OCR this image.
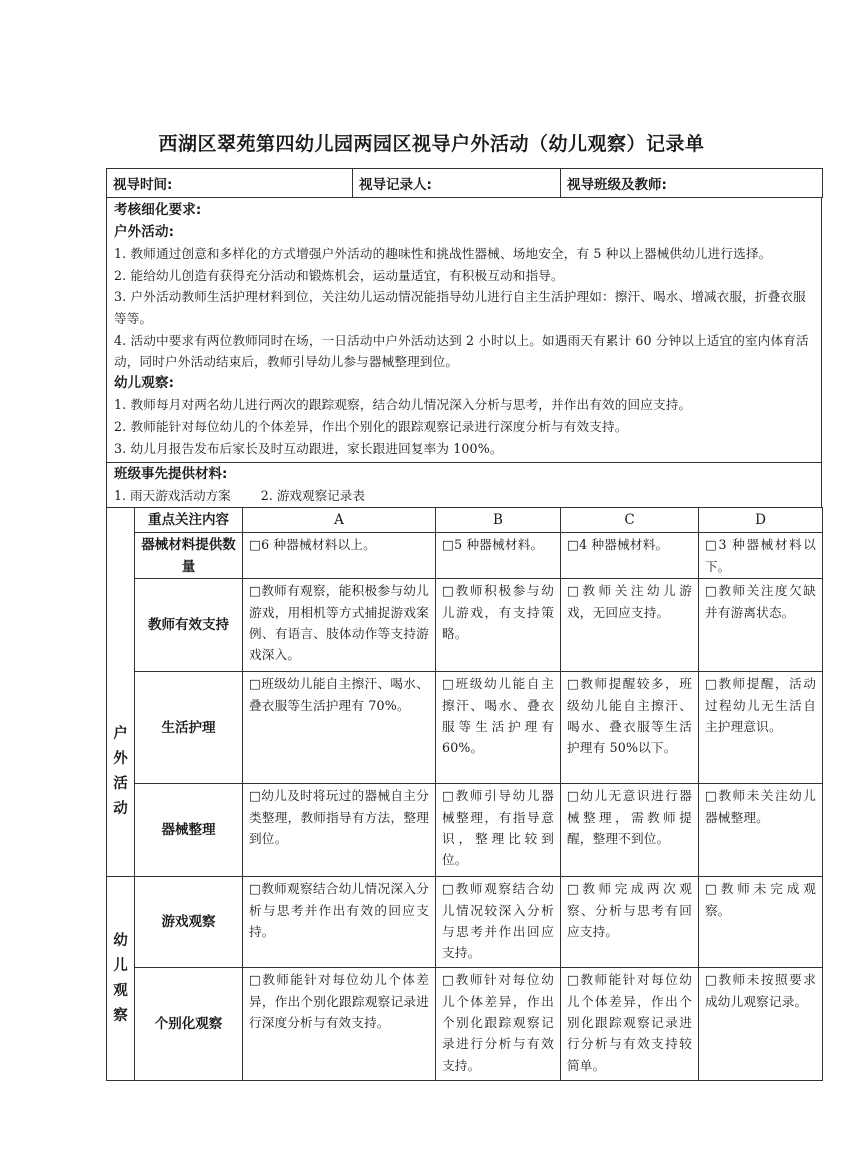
西湖区翠苑第四幼儿园两园区视导户外活动（幼儿观察）记录单
视导时间:	视导记录人:	视导班级及教师:
考核细化要求:
户外活动:
1. 教师通过创意和多样化的方式增强户外活动的趣味性和挑战性器械、场地安全，有 5 种以上器械供幼儿进行选择。
2. 能给幼儿创造有获得充分活动和锻炼机会，运动量适宜，有积极互动和指导。
3. 户外活动教师生活护理材料到位，关注幼儿运动情况能指导幼儿进行自主生活护理如：擦汗、喝水、增减衣服，折叠衣服等等。
4. 活动中要求有两位教师同时在场，一日活动中户外活动达到 2 小时以上。如遇雨天有累计 60 分钟以上适宜的室内体育活动，同时户外活动结束后，教师引导幼儿参与器械整理到位。
幼儿观察:
1. 教师每月对两名幼儿进行两次的跟踪观察，结合幼儿情况深入分析与思考，并作出有效的回应支持。
2. 教师能针对每位幼儿的个体差异，作出个别化的跟踪观察记录进行深度分析与有效支持。
3. 幼儿月报告发布后家长及时互动跟进，家长跟进回复率为 100%。

班级事先提供材料:
1. 雨天游戏活动方案 2. 游戏观察记录表
户
外
活
动	重点关注内容	A	B	C	D
	器械材料提供数量	□6 种器械材料以上。	□5 种器械材料。	□4 种器械材料。	□3 种器械材料以下。
	教师有效支持	□教师有观察，能积极参与幼儿游戏，用相机等方式捕捉游戏案例、有语言、肢体动作等支持游戏深入。	□教师积极参与幼儿游戏，有支持策略。	□教师关注幼儿游戏，无回应支持。	□教师关注度欠缺并有游离状态。
	生活护理	□班级幼儿能自主擦汗、喝水、叠衣服等生活护理有 70%。	□班级幼儿能自主擦汗、喝水、叠衣服等生活护理有 60%。	□教师提醒较多，班级幼儿能自主擦汗、喝水、叠衣服等生活护理有 50%以下。	□教师提醒，活动过程幼儿无生活自主护理意识。
	器械整理	□幼儿及时将玩过的器械自主分类整理，教师指导有方法，整理到位。	□教师引导幼儿器械整理，有指导意识，整理比较到位。	□幼儿无意识进行器械整理，需教师提醒，整理不到位。	□教师未关注幼儿器械整理。

幼
儿
观
察	游戏观察	□教师观察结合幼儿情况深入分析与思考并作出有效的回应支持。	□教师观察结合幼儿情况较深入分析与思考并作出回应支持。	□教师完成两次观察、分析与思考有回应支持。	□教师未完成观察。
	个别化观察	□教师能针对每位幼儿个体差异，作出个别化跟踪观察记录进行深度分析与有效支持。	□教师针对每位幼儿个体差异，作出个别化跟踪观察记录进行分析与有效支持。	□教师能针对每位幼儿个体差异，作出个别化跟踪观察记录进行分析与有效支持较简单。	□教师未按照要求成幼儿观察记录。
